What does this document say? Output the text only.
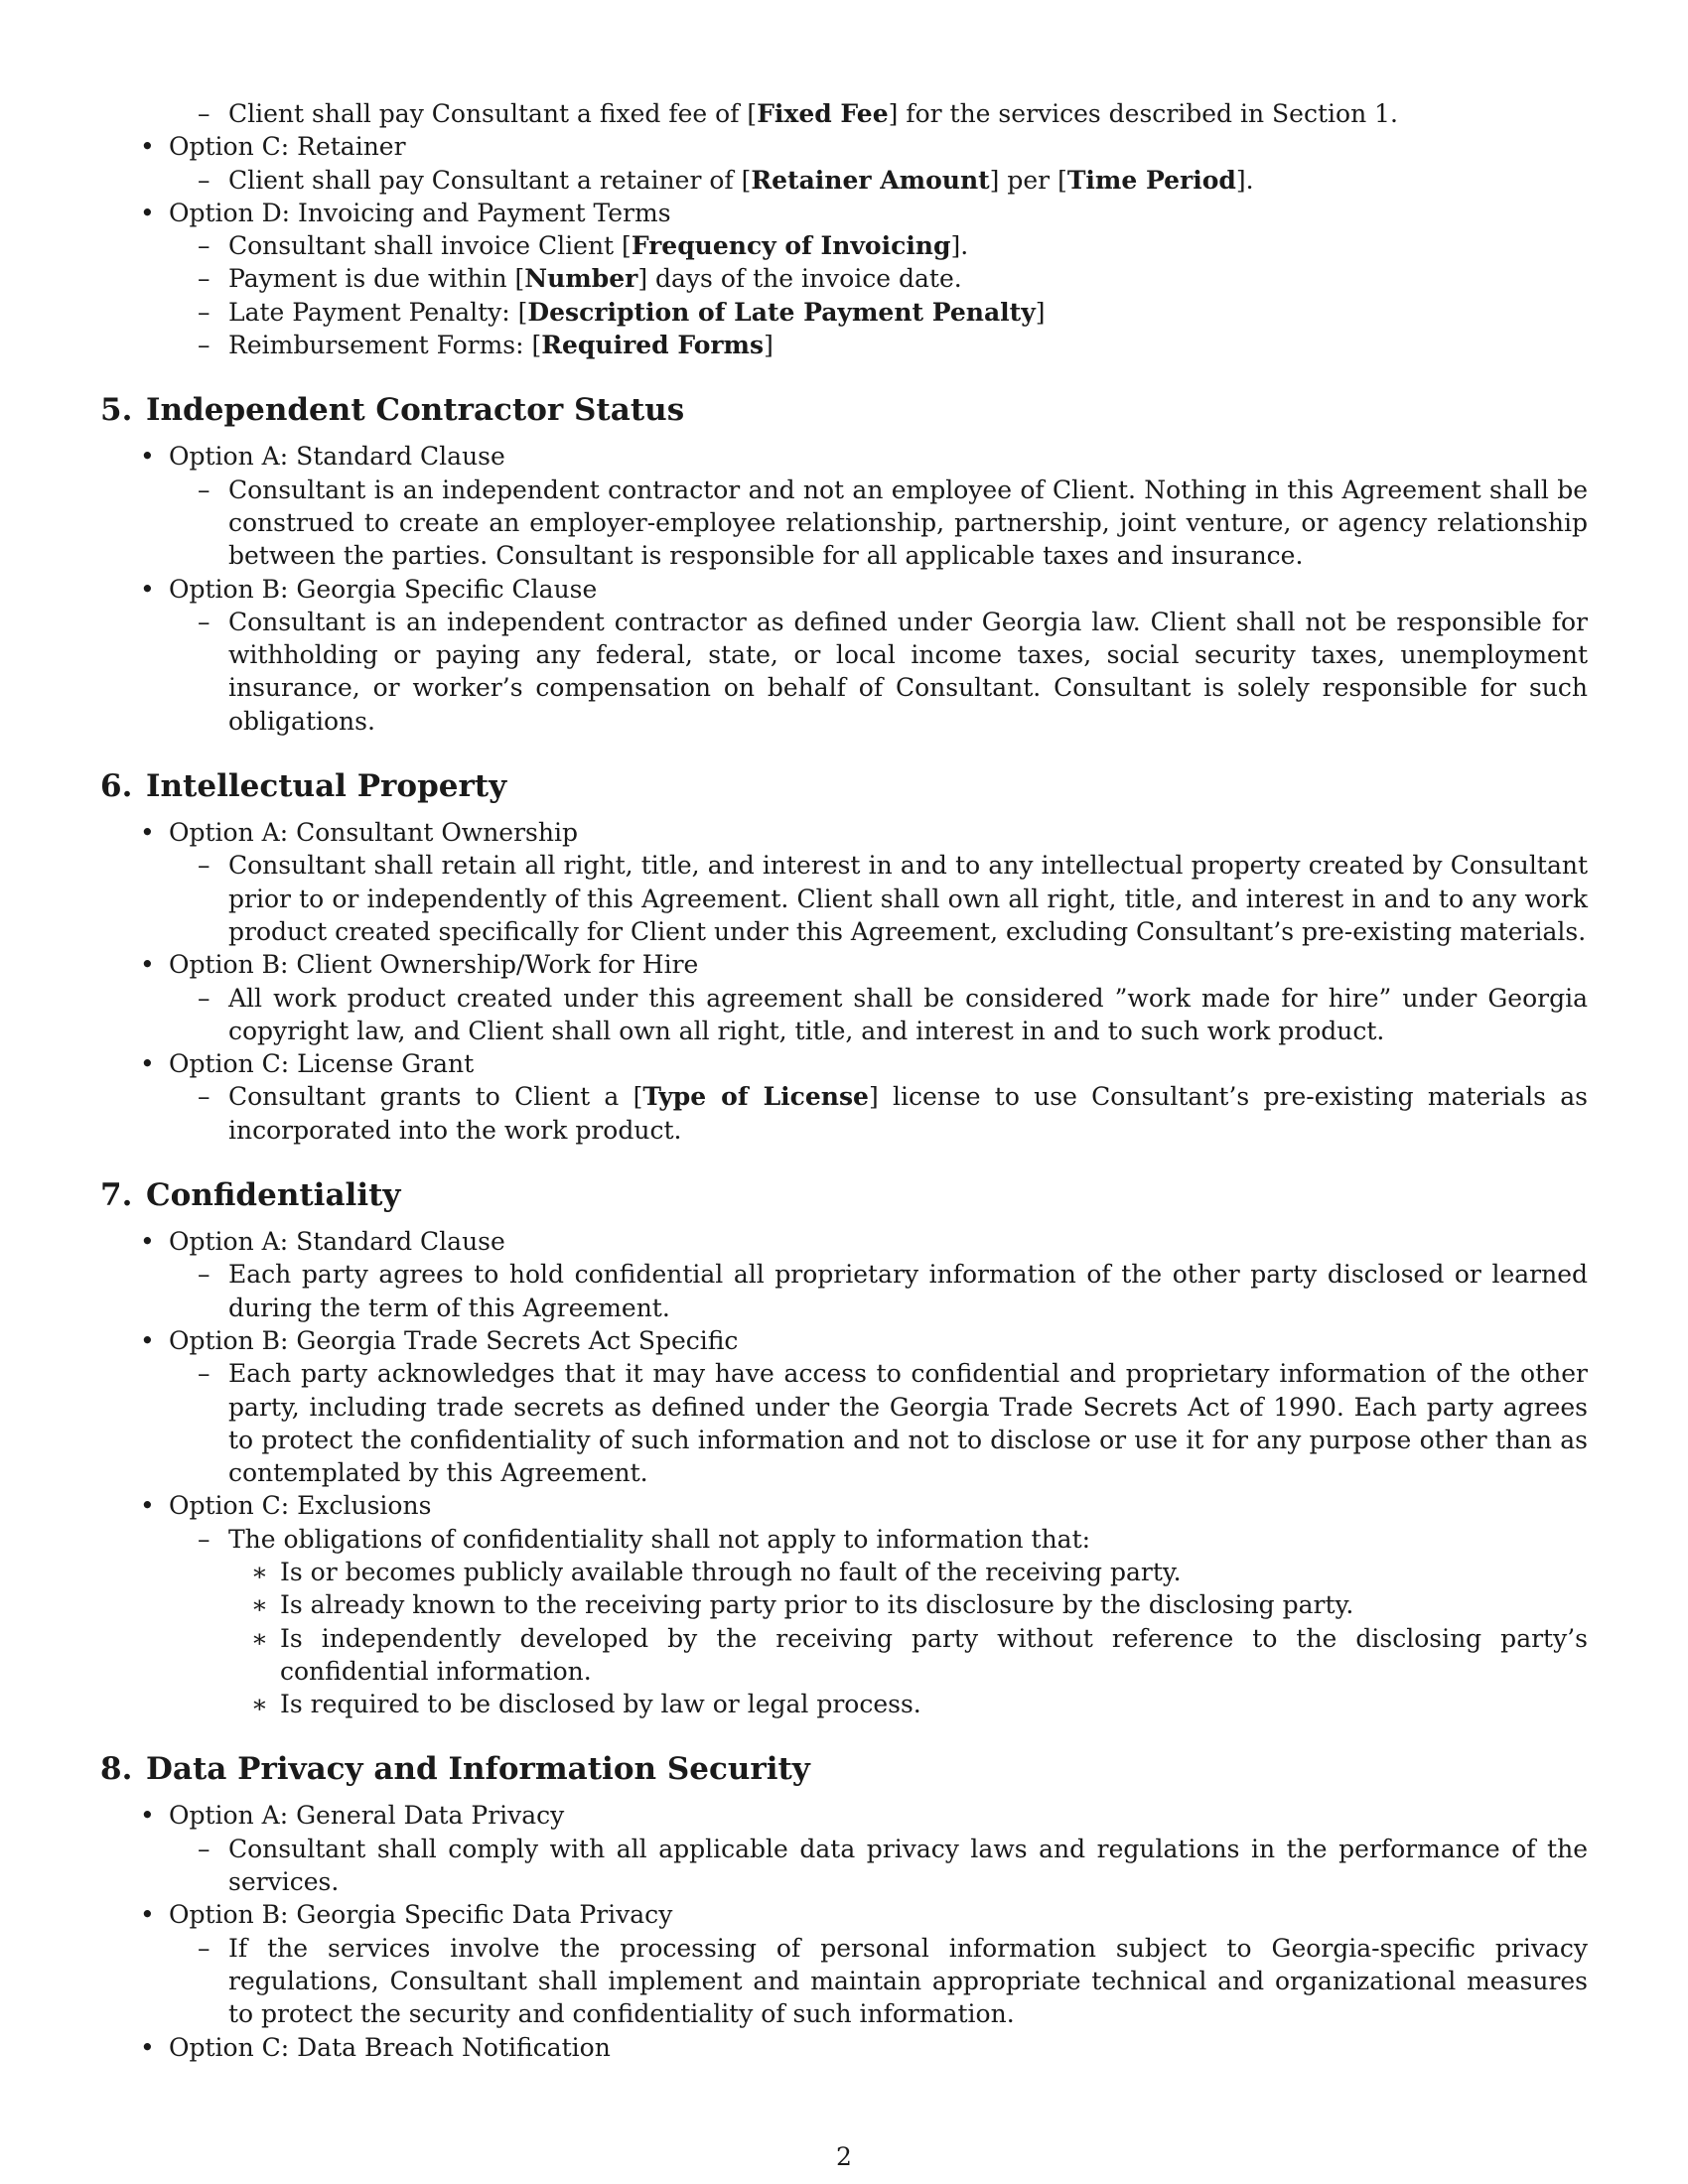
– Client shall pay Consultant a fixed fee of [Fixed Fee] for the services described in Section 1.
• Option C: Retainer
– Client shall pay Consultant a retainer of [Retainer Amount] per [Time Period].
• Option D: Invoicing and Payment Terms
– Consultant shall invoice Client [Frequency of Invoicing].
– Payment is due within [Number] days of the invoice date.
– Late Payment Penalty: [Description of Late Payment Penalty]
– Reimbursement Forms: [Required Forms]
5. Independent Contractor Status
• Option A: Standard Clause
– Consultant is an independent contractor and not an employee of Client. Nothing in this Agreement shall be construed to create an employer-employee relationship, partnership, joint venture, or agency relationship between the parties. Consultant is responsible for all applicable taxes and insurance.
• Option B: Georgia Specific Clause
– Consultant is an independent contractor as defined under Georgia law. Client shall not be responsible for withholding or paying any federal, state, or local income taxes, social security taxes, unemployment insurance, or worker’s compensation on behalf of Consultant. Consultant is solely responsible for such obligations.
6. Intellectual Property
• Option A: Consultant Ownership
– Consultant shall retain all right, title, and interest in and to any intellectual property created by Consultant prior to or independently of this Agreement. Client shall own all right, title, and interest in and to any work product created specifically for Client under this Agreement, excluding Consultant’s pre-existing materials.
• Option B: Client Ownership/Work for Hire
– All work product created under this agreement shall be considered ”work made for hire” under Georgia copyright law, and Client shall own all right, title, and interest in and to such work product.
• Option C: License Grant
– Consultant grants to Client a [Type of License] license to use Consultant’s pre-existing materials as incorporated into the work product.
7. Confidentiality
• Option A: Standard Clause
– Each party agrees to hold confidential all proprietary information of the other party disclosed or learned during the term of this Agreement.
• Option B: Georgia Trade Secrets Act Specific
– Each party acknowledges that it may have access to confidential and proprietary information of the other party, including trade secrets as defined under the Georgia Trade Secrets Act of 1990. Each party agrees to protect the confidentiality of such information and not to disclose or use it for any purpose other than as contemplated by this Agreement.
• Option C: Exclusions
– The obligations of confidentiality shall not apply to information that:
∗ Is or becomes publicly available through no fault of the receiving party.
∗ Is already known to the receiving party prior to its disclosure by the disclosing party.
∗ Is independently developed by the receiving party without reference to the disclosing party’s confidential information.
∗ Is required to be disclosed by law or legal process.
8. Data Privacy and Information Security
• Option A: General Data Privacy
– Consultant shall comply with all applicable data privacy laws and regulations in the performance of the services.
• Option B: Georgia Specific Data Privacy
– If the services involve the processing of personal information subject to Georgia-specific privacy regulations, Consultant shall implement and maintain appropriate technical and organizational measures to protect the security and confidentiality of such information.
• Option C: Data Breach Notification
2
